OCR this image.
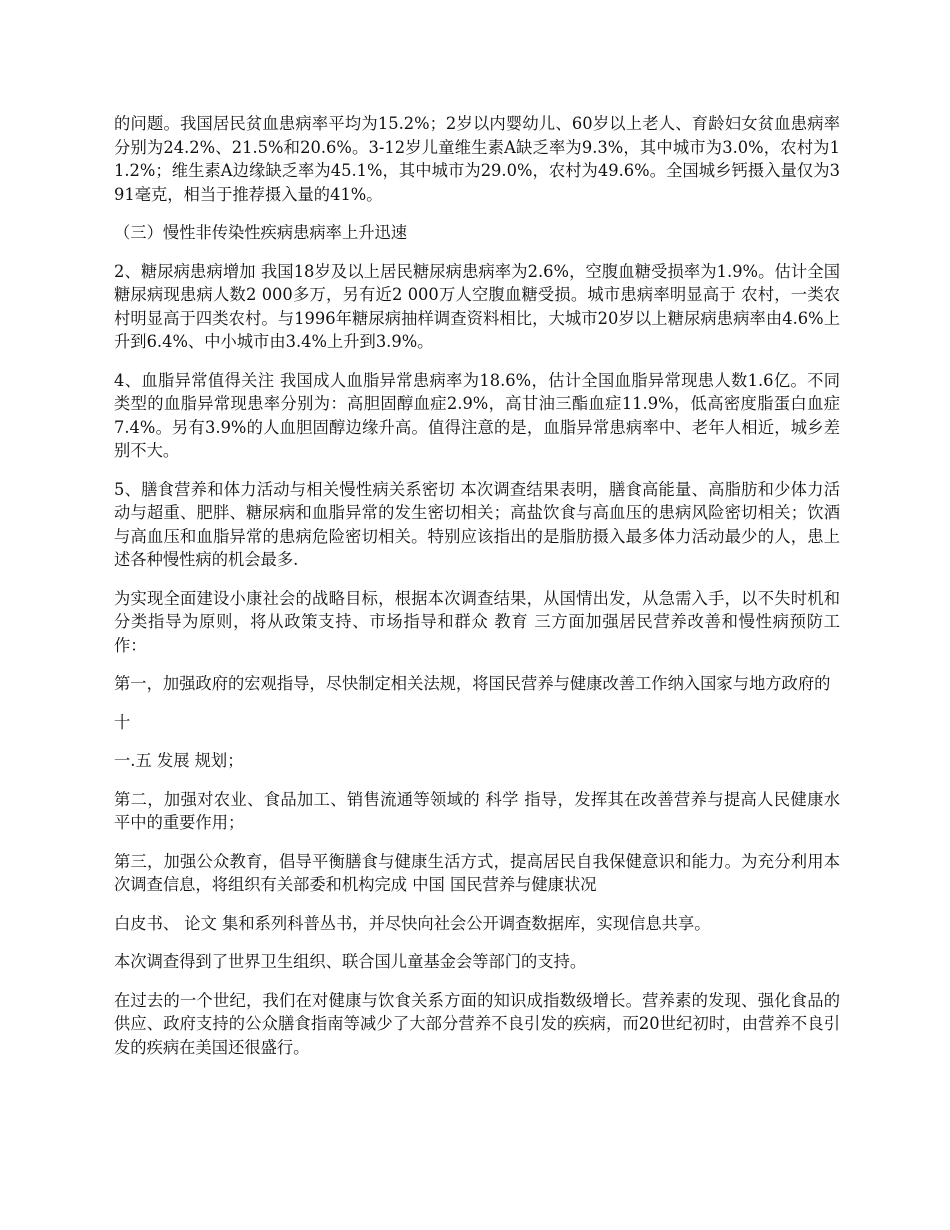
的问题。我国居民贫血患病率平均为15.2%；2岁以内婴幼儿、60岁以上老人、育龄妇女贫血患病率分别为24.2%、21.5%和20.6%。3-12岁儿童维生素A缺乏率为9.3%，其中城市为3.0%，农村为11.2%；维生素A边缘缺乏率为45.1%，其中城市为29.0%，农村为49.6%。全国城乡钙摄入量仅为391毫克，相当于推荐摄入量的41%。

（三）慢性非传染性疾病患病率上升迅速

2、糖尿病患病增加 我国18岁及以上居民糖尿病患病率为2.6%，空腹血糖受损率为1.9%。估计全国糖尿病现患病人数2 000多万，另有近2 000万人空腹血糖受损。城市患病率明显高于 农村，一类农村明显高于四类农村。与1996年糖尿病抽样调查资料相比，大城市20岁以上糖尿病患病率由4.6%上升到6.4%、中小城市由3.4%上升到3.9%。

4、血脂异常值得关注 我国成人血脂异常患病率为18.6%，估计全国血脂异常现患人数1.6亿。不同类型的血脂异常现患率分别为：高胆固醇血症2.9%，高甘油三酯血症11.9%，低高密度脂蛋白血症7.4%。另有3.9%的人血胆固醇边缘升高。值得注意的是，血脂异常患病率中、老年人相近，城乡差别不大。

5、膳食营养和体力活动与相关慢性病关系密切 本次调查结果表明，膳食高能量、高脂肪和少体力活动与超重、肥胖、糖尿病和血脂异常的发生密切相关；高盐饮食与高血压的患病风险密切相关；饮酒与高血压和血脂异常的患病危险密切相关。特别应该指出的是脂肪摄入最多体力活动最少的人，患上述各种慢性病的机会最多.

为实现全面建设小康社会的战略目标，根据本次调查结果，从国情出发，从急需入手，以不失时机和分类指导为原则，将从政策支持、市场指导和群众 教育 三方面加强居民营养改善和慢性病预防工作：

第一，加强政府的宏观指导，尽快制定相关法规，将国民营养与健康改善工作纳入国家与地方政府的

十

一.五 发展 规划；

第二，加强对农业、食品加工、销售流通等领域的 科学 指导，发挥其在改善营养与提高人民健康水平中的重要作用；

第三，加强公众教育，倡导平衡膳食与健康生活方式，提高居民自我保健意识和能力。为充分利用本次调查信息，将组织有关部委和机构完成 中国 国民营养与健康状况

白皮书、 论文 集和系列科普丛书，并尽快向社会公开调查数据库，实现信息共享。

本次调查得到了世界卫生组织、联合国儿童基金会等部门的支持。

在过去的一个世纪，我们在对健康与饮食关系方面的知识成指数级增长。营养素的发现、强化食品的供应、政府支持的公众膳食指南等减少了大部分营养不良引发的疾病，而20世纪初时，由营养不良引发的疾病在美国还很盛行。
